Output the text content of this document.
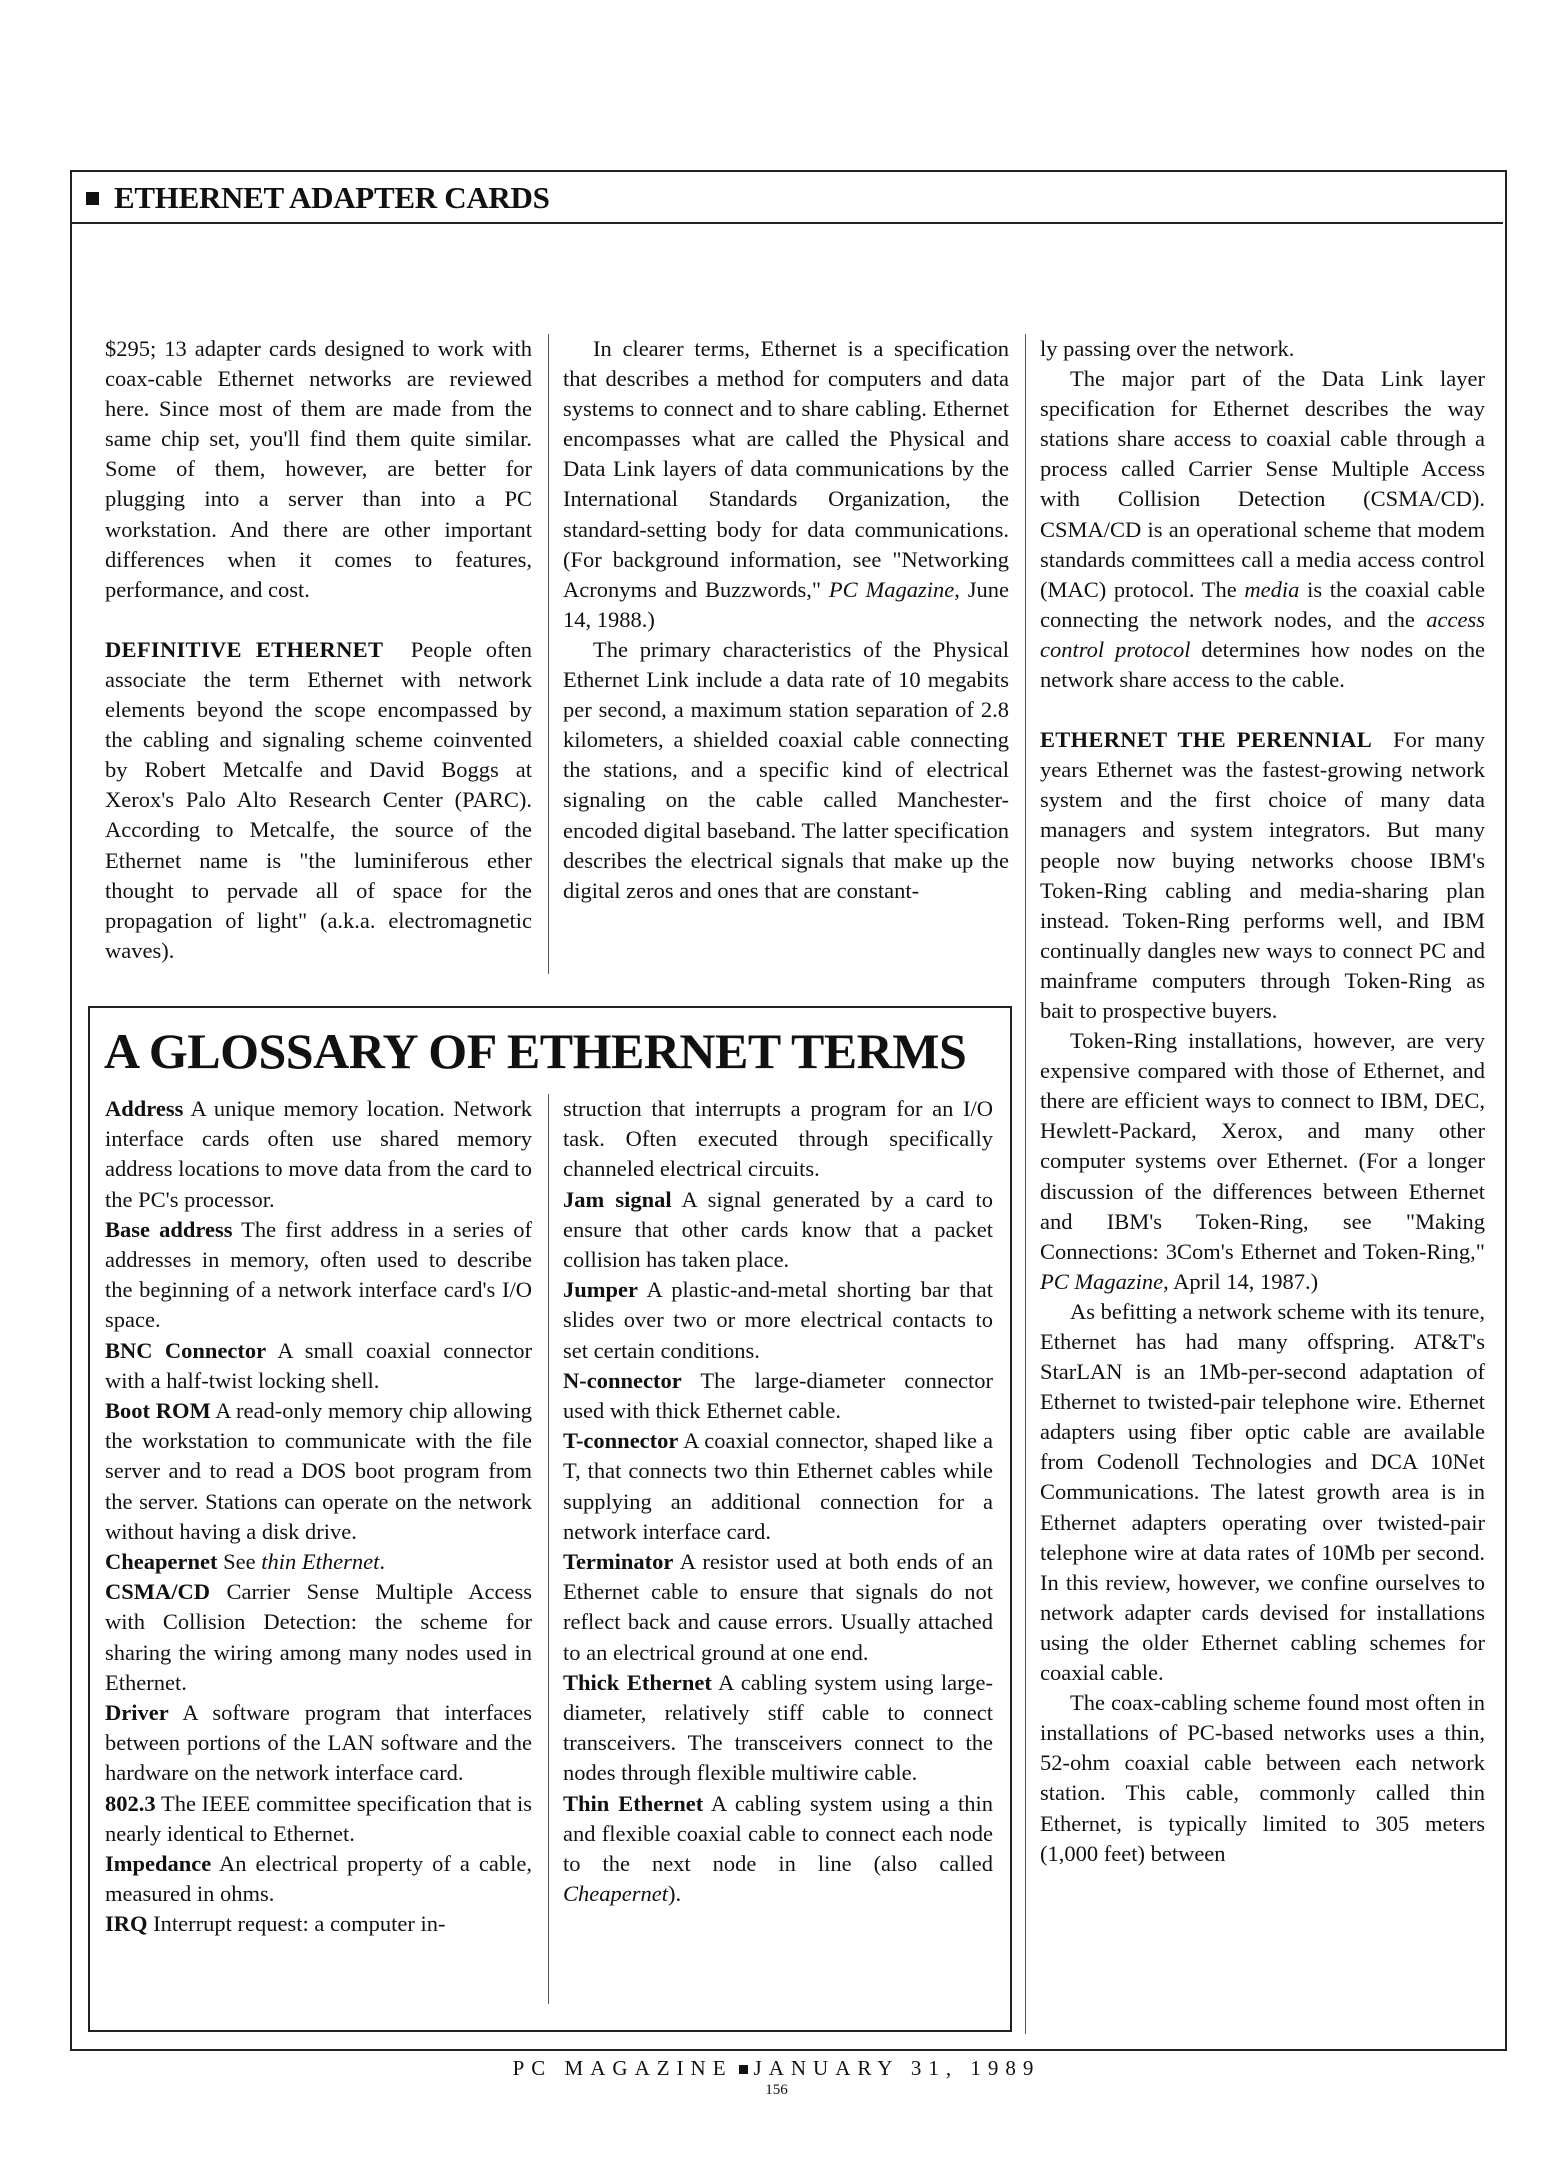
ETHERNET ADAPTER CARDS

$295; 13 adapter cards designed to work with coax-cable Ethernet networks are reviewed here. Since most of them are made from the same chip set, you'll find them quite similar. Some of them, however, are better for plugging into a server than into a PC workstation. And there are other important differences when it comes to features, performance, and cost.

DEFINITIVE ETHERNET People often associate the term Ethernet with network elements beyond the scope encompassed by the cabling and signaling scheme coinvented by Robert Metcalfe and David Boggs at Xerox's Palo Alto Research Center (PARC). According to Metcalfe, the source of the Ethernet name is "the luminiferous ether thought to pervade all of space for the propagation of light" (a.k.a. electromagnetic waves).

In clearer terms, Ethernet is a specification that describes a method for computers and data systems to connect and to share cabling. Ethernet encompasses what are called the Physical and Data Link layers of data communications by the International Standards Organization, the standard-setting body for data communications. (For background information, see "Networking Acronyms and Buzzwords," PC Magazine, June 14, 1988.)

The primary characteristics of the Physical Ethernet Link include a data rate of 10 megabits per second, a maximum station separation of 2.8 kilometers, a shielded coaxial cable connecting the stations, and a specific kind of electrical signaling on the cable called Manchester-encoded digital baseband. The latter specification describes the electrical signals that make up the digital zeros and ones that are constant-

ly passing over the network.

The major part of the Data Link layer specification for Ethernet describes the way stations share access to coaxial cable through a process called Carrier Sense Multiple Access with Collision Detection (CSMA/CD). CSMA/CD is an operational scheme that modem standards committees call a media access control (MAC) protocol. The media is the coaxial cable connecting the network nodes, and the access control protocol determines how nodes on the network share access to the cable.

ETHERNET THE PERENNIAL For many years Ethernet was the fastest-growing network system and the first choice of many data managers and system integrators. But many people now buying networks choose IBM's Token-Ring cabling and media-sharing plan instead. Token-Ring performs well, and IBM continually dangles new ways to connect PC and mainframe computers through Token-Ring as bait to prospective buyers.

Token-Ring installations, however, are very expensive compared with those of Ethernet, and there are efficient ways to connect to IBM, DEC, Hewlett-Packard, Xerox, and many other computer systems over Ethernet. (For a longer discussion of the differences between Ethernet and IBM's Token-Ring, see "Making Connections: 3Com's Ethernet and Token-Ring," PC Magazine, April 14, 1987.)

As befitting a network scheme with its tenure, Ethernet has had many offspring. AT&T's StarLAN is an 1Mb-per-second adaptation of Ethernet to twisted-pair telephone wire. Ethernet adapters using fiber optic cable are available from Codenoll Technologies and DCA 10Net Communications. The latest growth area is in Ethernet adapters operating over twisted-pair telephone wire at data rates of 10Mb per second. In this review, however, we confine ourselves to network adapter cards devised for installations using the older Ethernet cabling schemes for coaxial cable.

The coax-cabling scheme found most often in installations of PC-based networks uses a thin, 52-ohm coaxial cable between each network station. This cable, commonly called thin Ethernet, is typically limited to 305 meters (1,000 feet) between

A GLOSSARY OF ETHERNET TERMS

Address A unique memory location. Network interface cards often use shared memory address locations to move data from the card to the PC's processor.

Base address The first address in a series of addresses in memory, often used to describe the beginning of a network interface card's I/O space.

BNC Connector A small coaxial connector with a half-twist locking shell.

Boot ROM A read-only memory chip allowing the workstation to communicate with the file server and to read a DOS boot program from the server. Stations can operate on the network without having a disk drive.

Cheapernet See thin Ethernet.

CSMA/CD Carrier Sense Multiple Access with Collision Detection: the scheme for sharing the wiring among many nodes used in Ethernet.

Driver A software program that interfaces between portions of the LAN software and the hardware on the network interface card.

802.3 The IEEE committee specification that is nearly identical to Ethernet.

Impedance An electrical property of a cable, measured in ohms.

IRQ Interrupt request: a computer in-

struction that interrupts a program for an I/O task. Often executed through specifically channeled electrical circuits.

Jam signal A signal generated by a card to ensure that other cards know that a packet collision has taken place.

Jumper A plastic-and-metal shorting bar that slides over two or more electrical contacts to set certain conditions.

N-connector The large-diameter connector used with thick Ethernet cable.

T-connector A coaxial connector, shaped like a T, that connects two thin Ethernet cables while supplying an additional connection for a network interface card.

Terminator A resistor used at both ends of an Ethernet cable to ensure that signals do not reflect back and cause errors. Usually attached to an electrical ground at one end.

Thick Ethernet A cabling system using large-diameter, relatively stiff cable to connect transceivers. The transceivers connect to the nodes through flexible multiwire cable.

Thin Ethernet A cabling system using a thin and flexible coaxial cable to connect each node to the next node in line (also called Cheapernet).

PC MAGAZINE JANUARY 31, 1989
156
